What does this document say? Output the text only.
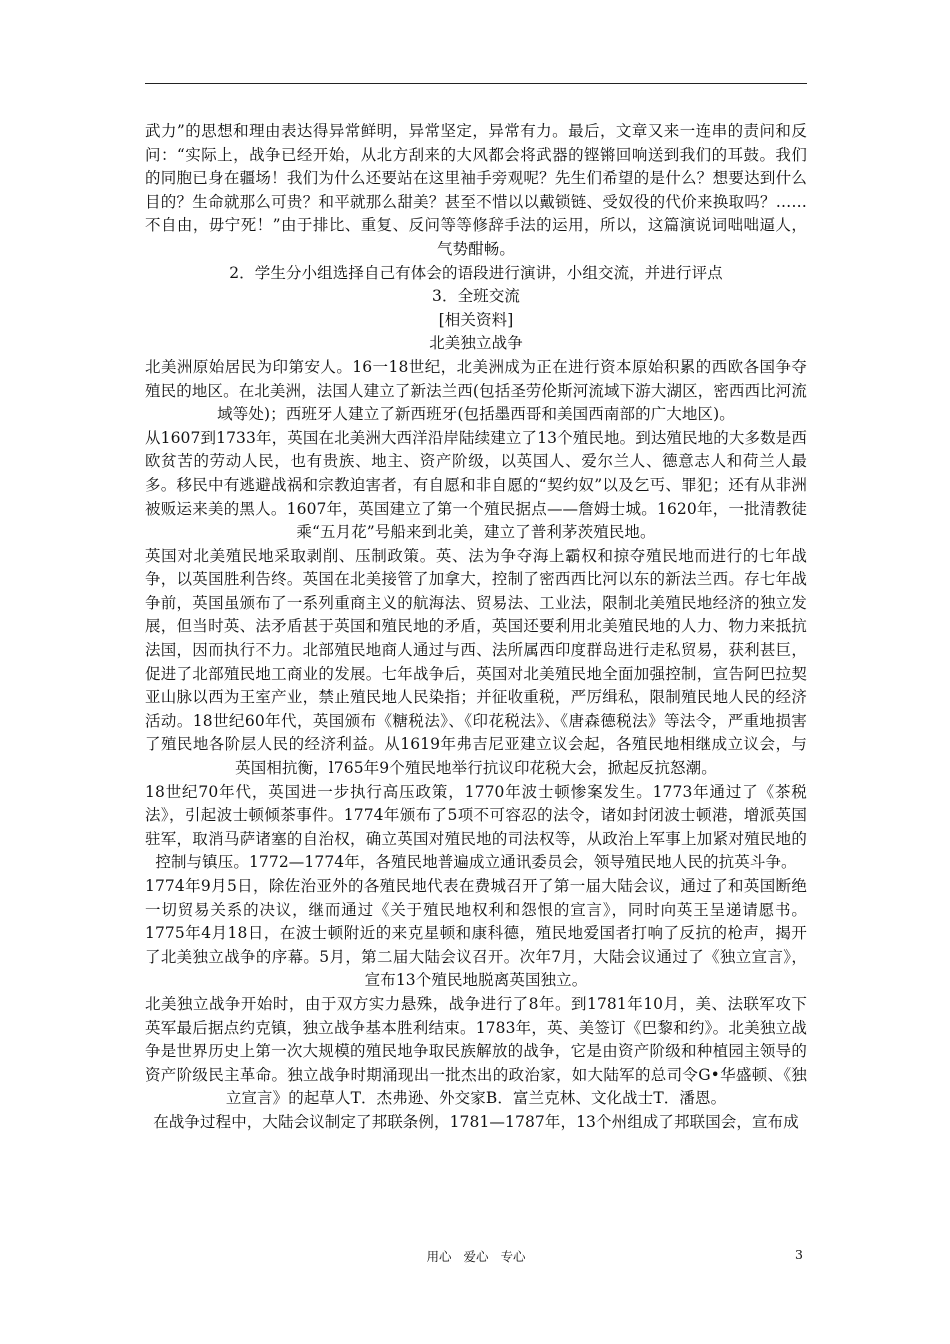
武力”的思想和理由表达得异常鲜明，异常坚定，异常有力。最后，文章又来一连串的责问和反问：“实际上，战争已经开始，从北方刮来的大风都会将武器的铿锵回响送到我们的耳鼓。我们的同胞已身在疆场！我们为什么还要站在这里袖手旁观呢？先生们希望的是什么？想要达到什么目的？生命就那么可贵？和平就那么甜美？甚至不惜以以戴锁链、受奴役的代价来换取吗？……不自由，毋宁死！”由于排比、重复、反问等等修辞手法的运用，所以，这篇演说词咄咄逼人，气势酣畅。

2．学生分小组选择自己有体会的语段进行演讲，小组交流，并进行评点

3．全班交流

[相关资料]

北美独立战争

北美洲原始居民为印第安人。16一18世纪，北美洲成为正在进行资本原始积累的西欧各国争夺殖民的地区。在北美洲，法国人建立了新法兰西(包括圣劳伦斯河流域下游大湖区，密西西比河流域等处)；西班牙人建立了新西班牙(包括墨西哥和美国西南部的广大地区)。

从1607到1733年，英国在北美洲大西洋沿岸陆续建立了13个殖民地。到达殖民地的大多数是西欧贫苦的劳动人民，也有贵族、地主、资产阶级，以英国人、爱尔兰人、德意志人和荷兰人最多。移民中有逃避战祸和宗教迫害者，有自愿和非自愿的“契约奴”以及乞丐、罪犯；还有从非洲被贩运来美的黑人。1607年，英国建立了第一个殖民据点——詹姆士城。1620年，一批清教徒乘“五月花”号船来到北美，建立了普利茅茨殖民地。

英国对北美殖民地采取剥削、压制政策。英、法为争夺海上霸权和掠夺殖民地而进行的七年战争，以英国胜利告终。英国在北美接管了加拿大，控制了密西西比河以东的新法兰西。存七年战争前，英国虽颁布了一系列重商主义的航海法、贸易法、工业法，限制北美殖民地经济的独立发展，但当时英、法矛盾甚于英国和殖民地的矛盾，英国还要利用北美殖民地的人力、物力来抵抗法国，因而执行不力。北部殖民地商人通过与西、法所属西印度群岛进行走私贸易，获利甚巨，促进了北部殖民地工商业的发展。七年战争后，英国对北美殖民地全面加强控制，宣告阿巴拉契亚山脉以西为王室产业，禁止殖民地人民染指；并征收重税，严厉缉私，限制殖民地人民的经济活动。18世纪60年代，英国颁布《糖税法》、《印花税法》、《唐森德税法》等法令，严重地损害了殖民地各阶层人民的经济利益。从1619年弗吉尼亚建立议会起，各殖民地相继成立议会，与英国相抗衡，l765年9个殖民地举行抗议印花税大会，掀起反抗怒潮。

18世纪70年代，英国进一步执行高压政策，1770年波士顿惨案发生。1773年通过了《茶税法》，引起波士顿倾茶事件。1774年颁布了5项不可容忍的法令，诸如封闭波士顿港，增派英国驻军，取消马萨诸塞的自治权，确立英国对殖民地的司法权等，从政治上军事上加紧对殖民地的控制与镇压。1772—1774年，各殖民地普遍成立通讯委员会，领导殖民地人民的抗英斗争。

1774年9月5日，除佐治亚外的各殖民地代表在费城召开了第一届大陆会议，通过了和英国断绝一切贸易关系的决议，继而通过《关于殖民地权利和怨恨的宣言》，同时向英王呈递请愿书。1775年4月18日，在波士顿附近的来克星顿和康科德，殖民地爱国者打响了反抗的枪声，揭开了北美独立战争的序幕。5月，第二届大陆会议召开。次年7月，大陆会议通过了《独立宣言》，宣布13个殖民地脱离英国独立。

北美独立战争开始时，由于双方实力悬殊，战争进行了8年。到1781年10月，美、法联军攻下英军最后据点约克镇，独立战争基本胜利结束。1783年，英、美签订《巴黎和约》。北美独立战争是世界历史上第一次大规模的殖民地争取民族解放的战争，它是由资产阶级和种植园主领导的资产阶级民主革命。独立战争时期涌现出一批杰出的政治家，如大陆军的总司令G•华盛顿、《独立宣言》的起草人T．杰弗逊、外交家B．富兰克林、文化战士T．潘恩。

在战争过程中，大陆会议制定了邦联条例，1781—1787年，13个州组成了邦联国会，宣布成

用心 爱心 专心	3
